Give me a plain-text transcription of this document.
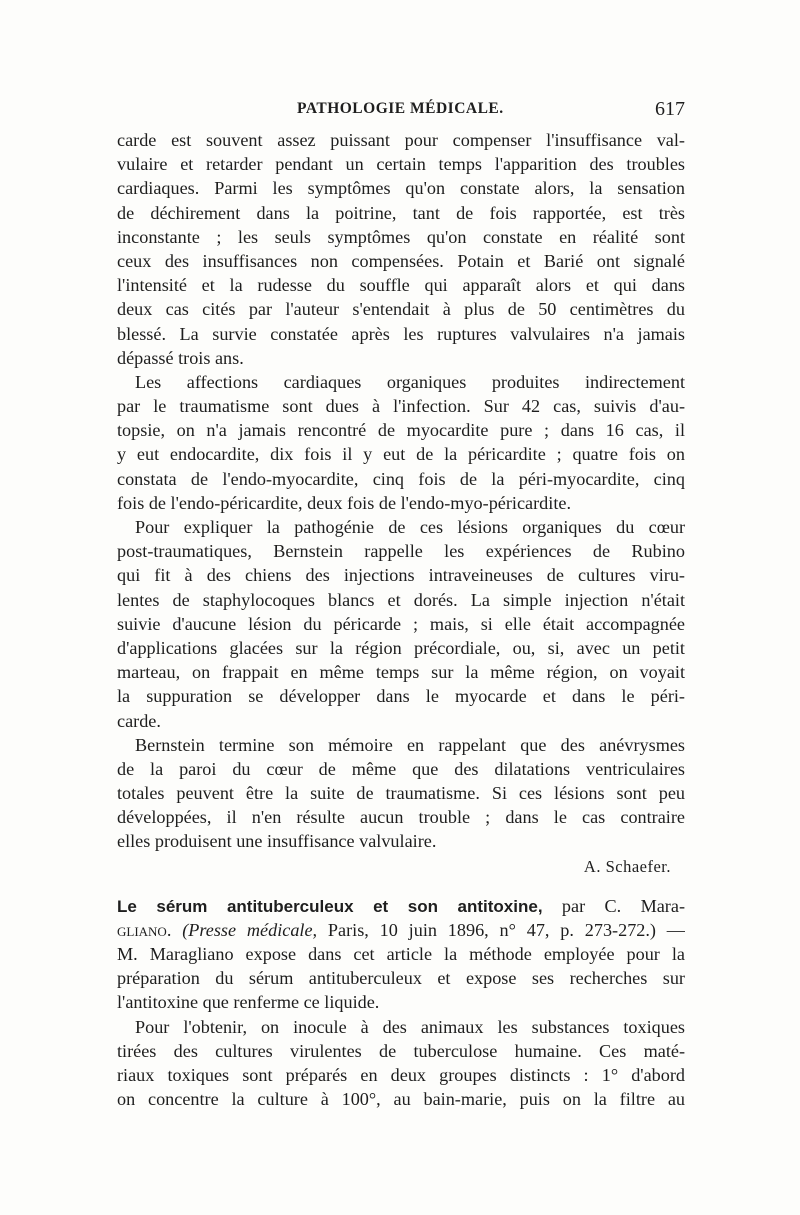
PATHOLOGIE MÉDICALE.	617
carde est souvent assez puissant pour compenser l'insuffisance val-
vulaire et retarder pendant un certain temps l'apparition des troubles
cardiaques. Parmi les symptômes qu'on constate alors, la sensation
de déchirement dans la poitrine, tant de fois rapportée, est très
inconstante ; les seuls symptômes qu'on constate en réalité sont
ceux des insuffisances non compensées. Potain et Barié ont signalé
l'intensité et la rudesse du souffle qui apparaît alors et qui dans
deux cas cités par l'auteur s'entendait à plus de 50 centimètres du
blessé. La survie constatée après les ruptures valvulaires n'a jamais
dépassé trois ans.
Les affections cardiaques organiques produites indirectement
par le traumatisme sont dues à l'infection. Sur 42 cas, suivis d'au-
topsie, on n'a jamais rencontré de myocardite pure ; dans 16 cas, il
y eut endocardite, dix fois il y eut de la péricardite ; quatre fois on
constata de l'endo-myocardite, cinq fois de la péri-myocardite, cinq
fois de l'endo-péricardite, deux fois de l'endo-myo-péricardite.
Pour expliquer la pathogénie de ces lésions organiques du cœur
post-traumatiques, Bernstein rappelle les expériences de Rubino
qui fit à des chiens des injections intraveineuses de cultures viru-
lentes de staphylocoques blancs et dorés. La simple injection n'était
suivie d'aucune lésion du péricarde ; mais, si elle était accompagnée
d'applications glacées sur la région précordiale, ou, si, avec un petit
marteau, on frappait en même temps sur la même région, on voyait
la suppuration se développer dans le myocarde et dans le péri-
carde.
Bernstein termine son mémoire en rappelant que des anévrysmes
de la paroi du cœur de même que des dilatations ventriculaires
totales peuvent être la suite de traumatisme. Si ces lésions sont peu
développées, il n'en résulte aucun trouble ; dans le cas contraire
elles produisent une insuffisance valvulaire.
A. Schaefer.
Le sérum antituberculeux et son antitoxine, par C. Mara-
gliano. (Presse médicale, Paris, 10 juin 1896, n° 47, p. 273-272.) —
M. Maragliano expose dans cet article la méthode employée pour la
préparation du sérum antituberculeux et expose ses recherches sur
l'antitoxine que renferme ce liquide.
Pour l'obtenir, on inocule à des animaux les substances toxiques
tirées des cultures virulentes de tuberculose humaine. Ces maté-
riaux toxiques sont préparés en deux groupes distincts : 1° d'abord
on concentre la culture à 100°, au bain-marie, puis on la filtre au
